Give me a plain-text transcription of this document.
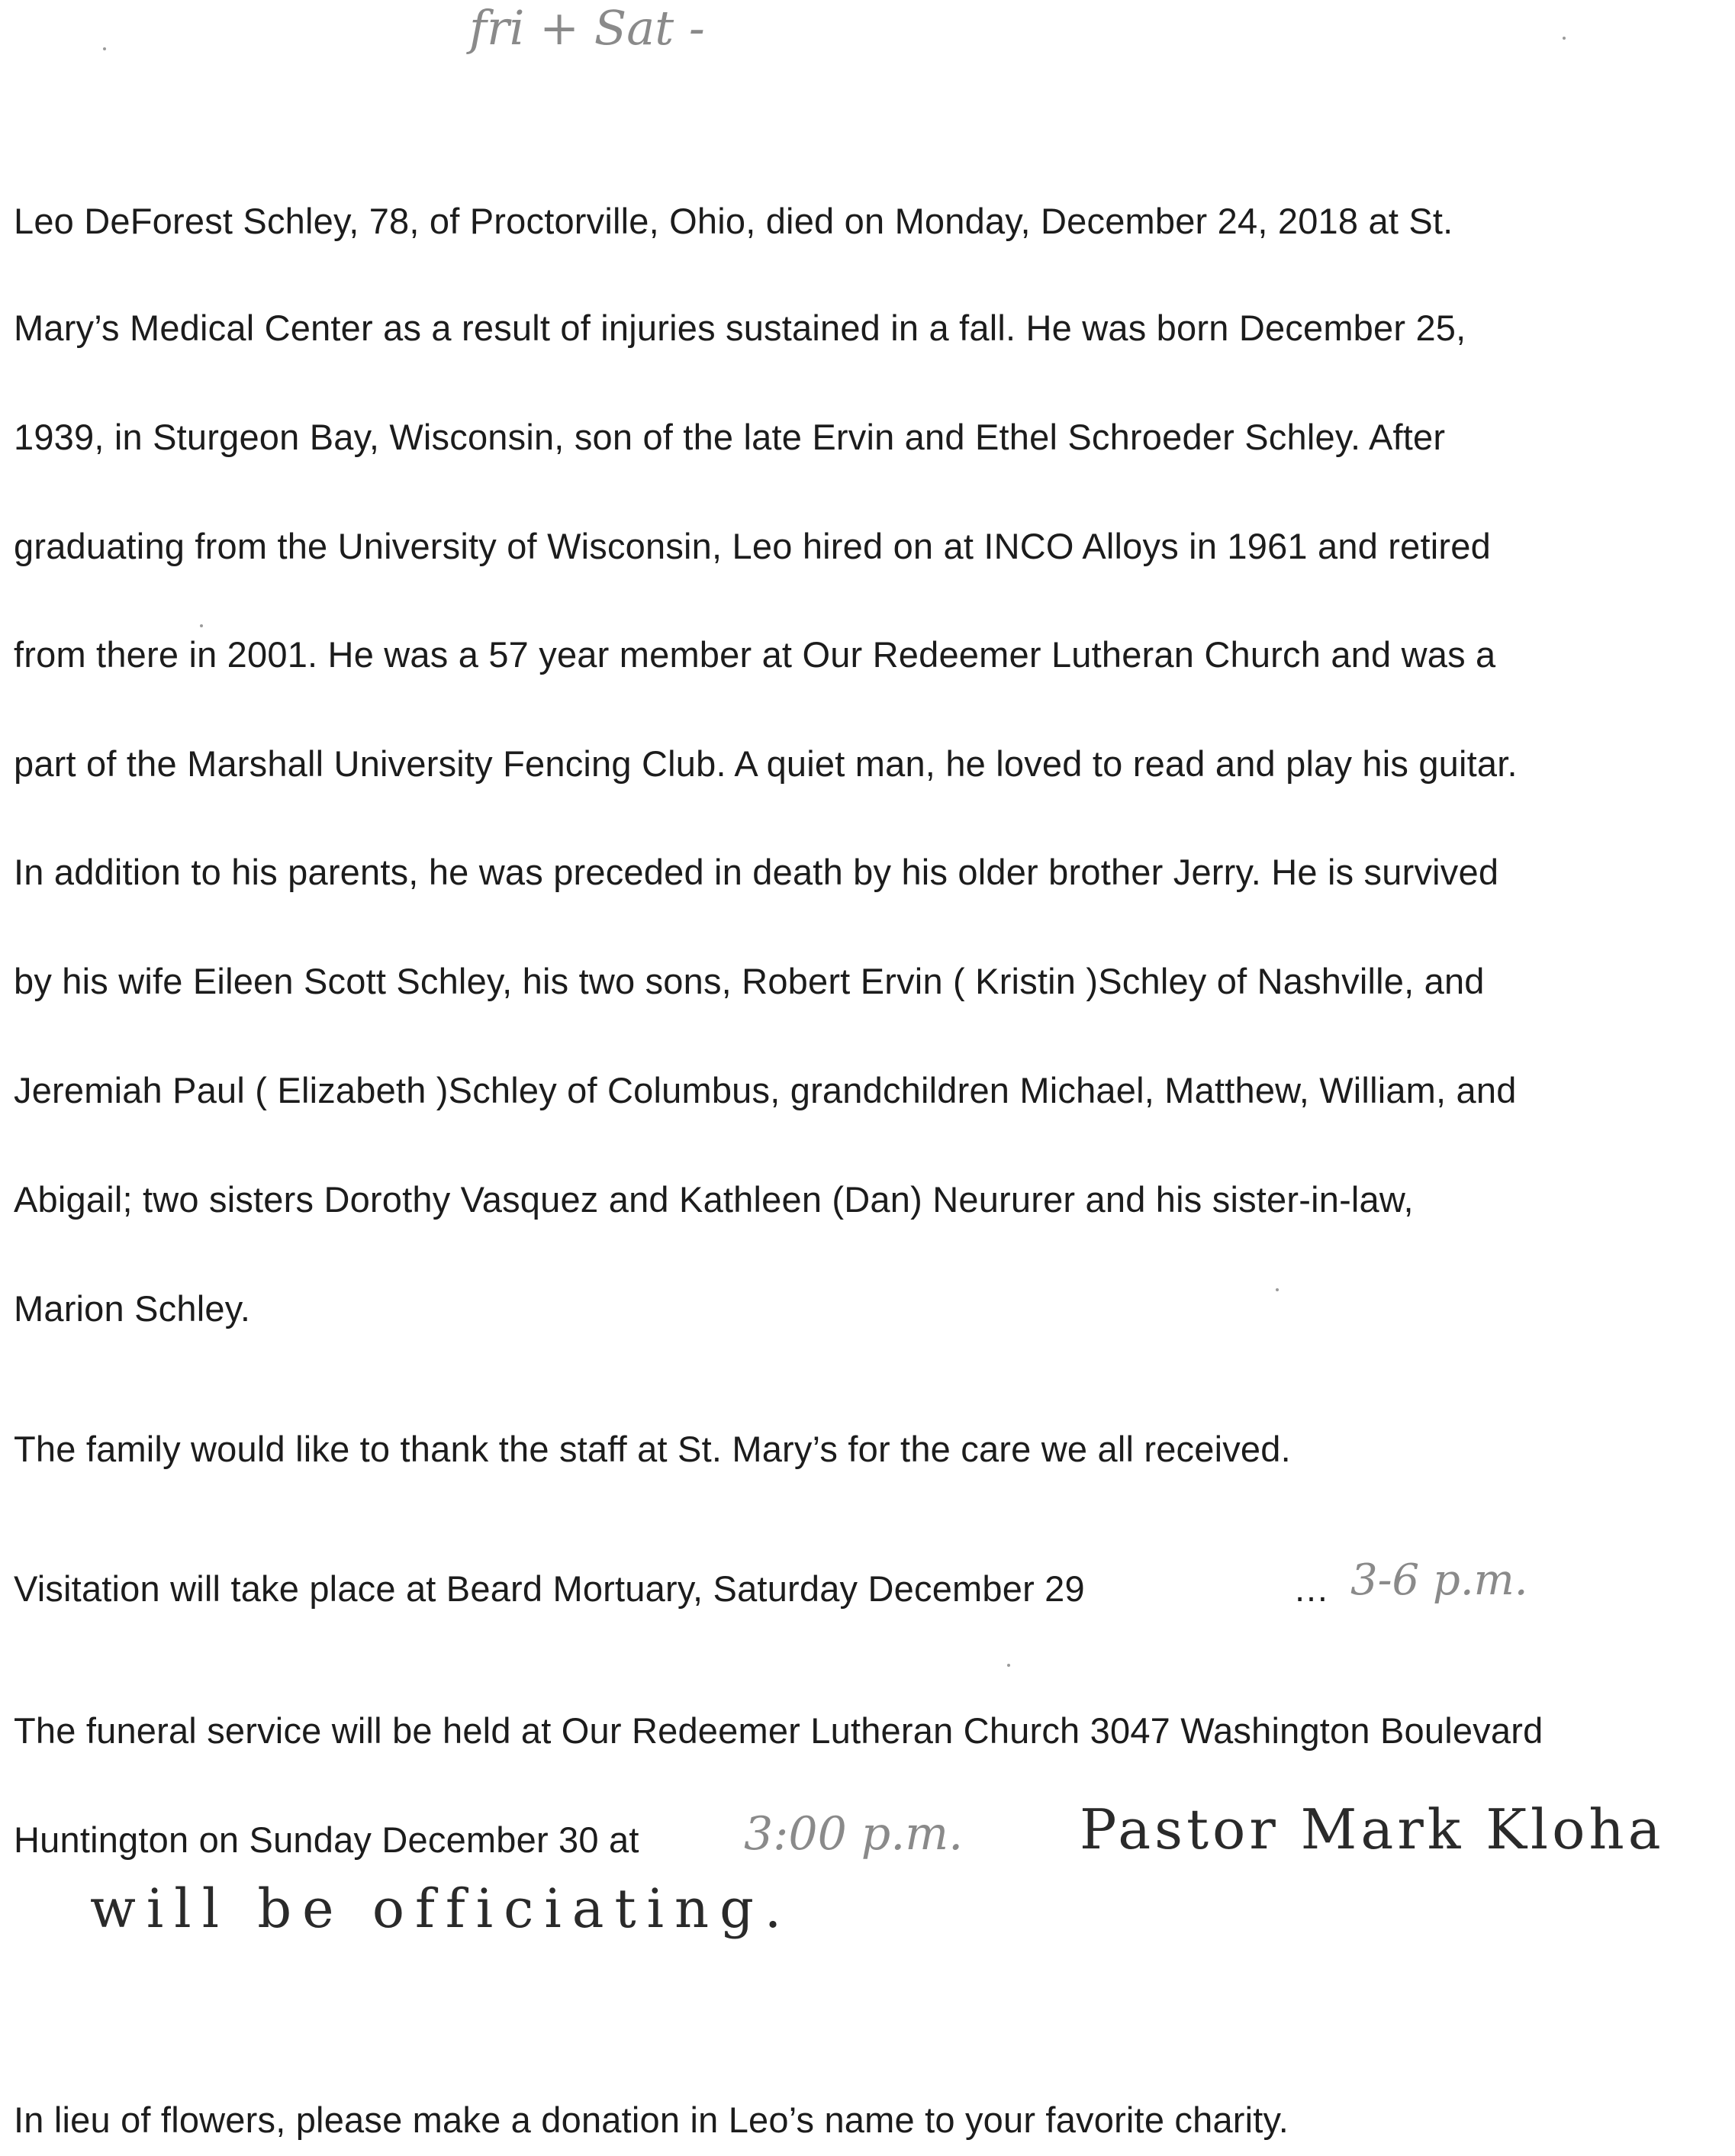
fri + Sat -
Leo DeForest Schley, 78, of Proctorville, Ohio, died on Monday, December 24, 2018 at St.
Mary’s Medical Center as a result of injuries sustained in a fall. He was born December 25,
1939, in Sturgeon Bay, Wisconsin, son of the late Ervin and Ethel Schroeder Schley. After
graduating from the University of Wisconsin, Leo hired on at INCO Alloys in 1961 and retired
from there in 2001. He was a 57 year member at Our Redeemer Lutheran Church and was a
part of the Marshall University Fencing Club. A quiet man, he loved to read and play his guitar.
In addition to his parents, he was preceded in death by his older brother Jerry. He is survived
by his wife Eileen Scott Schley, his two sons, Robert Ervin ( Kristin )Schley of Nashville, and
Jeremiah Paul ( Elizabeth )Schley of Columbus, grandchildren Michael, Matthew, William, and
Abigail; two sisters Dorothy Vasquez and Kathleen (Dan) Neururer and his sister-in-law,
Marion Schley.
The family would like to thank the staff at St. Mary’s for the care we all received.
Visitation will take place at Beard Mortuary, Saturday December 29	… 3-6 p.m.
The funeral service will be held at Our Redeemer Lutheran Church 3047 Washington Boulevard
Huntington on Sunday December 30 at 3:00 p.m. Pastor Mark Kloha
will be officiating.
In lieu of flowers, please make a donation in Leo’s name to your favorite charity.
